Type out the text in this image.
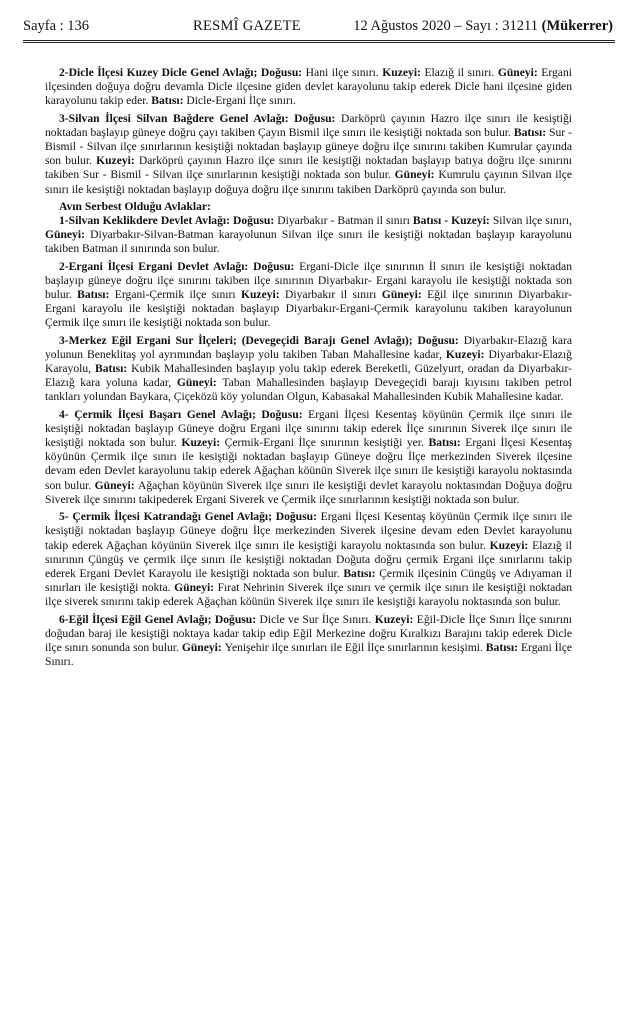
Sayfa : 136	RESMÎ GAZETE	12 Ağustos 2020 – Sayı : 31211 (Mükerrer)

2-Dicle İlçesi Kuzey Dicle Genel Avlağı; Doğusu: Hani ilçe sınırı. Kuzeyi: Elazığ il sınırı. Güneyi: Ergani ilçesinden doğuya doğru devamla Dicle ilçesine giden devlet karayolunu takip ederek Dicle hani ilçesine giden karayolunu takip eder. Batısı: Dicle-Ergani İlçe sınırı.

3-Silvan İlçesi Silvan Bağdere Genel Avlağı: Doğusu: Darköprü çayının Hazro ilçe sınırı ile kesiştiği noktadan başlayıp güneye doğru çayı takiben Çayın Bismil ilçe sınırı ile kesiştiği noktada son bulur. Batısı: Sur - Bismil - Silvan ilçe sınırlarının kesiştiği noktadan başlayıp güneye doğru ilçe sınırını takiben Kumrular çayında son bulur. Kuzeyi: Darköprü çayının Hazro ilçe sınırı ile kesiştiği noktadan başlayıp batıya doğru ilçe sınırını takiben Sur - Bismil - Silvan ilçe sınırlarının kesiştiği noktada son bulur. Güneyi: Kumrulu çayının Silvan ilçe sınırı ile kesiştiği noktadan başlayıp doğuya doğru ilçe sınırını takiben Darköprü çayında son bulur.

Avın Serbest Olduğu Avlaklar:

1-Silvan Keklikdere Devlet Avlağı: Doğusu: Diyarbakır - Batman il sınırı Batısı - Kuzeyi: Silvan ilçe sınırı, Güneyi: Diyarbakır-Silvan-Batman karayolunun Silvan ilçe sınırı ile kesiştiği noktadan başlayıp karayolunu takiben Batman il sınırında son bulur.

2-Ergani İlçesi Ergani Devlet Avlağı: Doğusu: Ergani-Dicle ilçe sınırının İl sınırı ile kesiştiği noktadan başlayıp güneye doğru ilçe sınırını takiben ilçe sınırının Diyarbakır- Ergani karayolu ile kesiştiği noktada son bulur. Batısı: Ergani-Çermik ilçe sınırı Kuzeyi: Diyarbakır il sınırı Güneyi: Eğil ilçe sınırının Diyarbakır- Ergani karayolu ile kesiştiği noktadan başlayıp Diyarbakır-Ergani-Çermik karayolunu takiben karayolunun Çermik ilçe sınırı ile kesiştiği noktada son bulur.

3-Merkez Eğil Ergani Sur İlçeleri; (Devegeçidi Barajı Genel Avlağı); Doğusu: Diyarbakır-Elazığ kara yolunun Beneklitaş yol ayrımından başlayıp yolu takiben Taban Mahallesine kadar, Kuzeyi: Diyarbakır-Elazığ Karayolu, Batısı: Kubik Mahallesinden başlayıp yolu takip ederek Bereketli, Güzelyurt, oradan da Diyarbakır-Elazığ kara yoluna kadar, Güneyi: Taban Mahallesinden başlayıp Devegeçidi barajı kıyısını takiben petrol tankları yolundan Baykara, Çiçeközü köy yolundan Olgun, Kabasakal Mahallesinden Kubik Mahallesine kadar.

4- Çermik İlçesi Başarı Genel Avlağı; Doğusu: Ergani İlçesi Kesentaş köyünün Çermik ilçe sınırı ile kesiştiği noktadan başlayıp Güneye doğru Ergani ilçe sınırını takip ederek İlçe sınırının Siverek ilçe sınırı ile kesiştiği noktada son bulur. Kuzeyi: Çermik-Ergani İlçe sınırının kesiştiği yer. Batısı: Ergani İlçesi Kesentaş köyünün Çermik ilçe sınırı ile kesiştiği noktadan başlayıp Güneye doğru İlçe merkezinden Siverek ilçesine devam eden Devlet karayolunu takip ederek Ağaçhan köünün Siverek ilçe sınırı ile kesiştiği karayolu noktasında son bulur. Güneyi: Ağaçhan köyünün Siverek ilçe sınırı ile kesiştiği devlet karayolu noktasından Doğuya doğru Siverek ilçe sınırını takipederek Ergani Siverek ve Çermik ilçe sınırlarının kesiştiği noktada son bulur.

5- Çermik İlçesi Katrandağı Genel Avlağı; Doğusu: Ergani İlçesi Kesentaş köyünün Çermik ilçe sınırı ile kesiştiği noktadan başlayıp Güneye doğru İlçe merkezinden Siverek ilçesine devam eden Devlet karayolunu takip ederek Ağaçhan köyünün Siverek ilçe sınırı ile kesiştiği karayolu noktasında son bulur. Kuzeyi: Elazığ il sınırının Çüngüş ve çermik ilçe sınırı ile kesiştiği noktadan Doğuta doğru çermik Ergani ilçe sınırlarını takip ederek Ergani Devlet Karayolu ile kesiştiği noktada son bulur. Batısı: Çermik ilçesinin Cüngüş ve Adıyaman il sınırları ile kesiştiği nokta. Güneyi: Fırat Nehrinin Siverek ilçe sınırı ve çermik ilçe sınırı ile kesiştiği noktadan ilçe siverek sınırını takip ederek Ağaçhan köünün Siverek ilçe sınırı ile kesiştiği karayolu noktasında son bulur.

6-Eğil İlçesi Eğil Genel Avlağı; Doğusu: Dicle ve Sur İlçe Sınırı. Kuzeyi: Eğil-Dicle İlçe Sınırı İlçe sınırını doğudan baraj ile kesiştiği noktaya kadar takip edip Eğil Merkezine doğru Kıralkızı Barajını takip ederek Dicle ilçe sınırı sonunda son bulur. Güneyi: Yenişehir ilçe sınırları ile Eğil İlçe sınırlarının kesişimi. Batısı: Ergani İlçe Sınırı.
